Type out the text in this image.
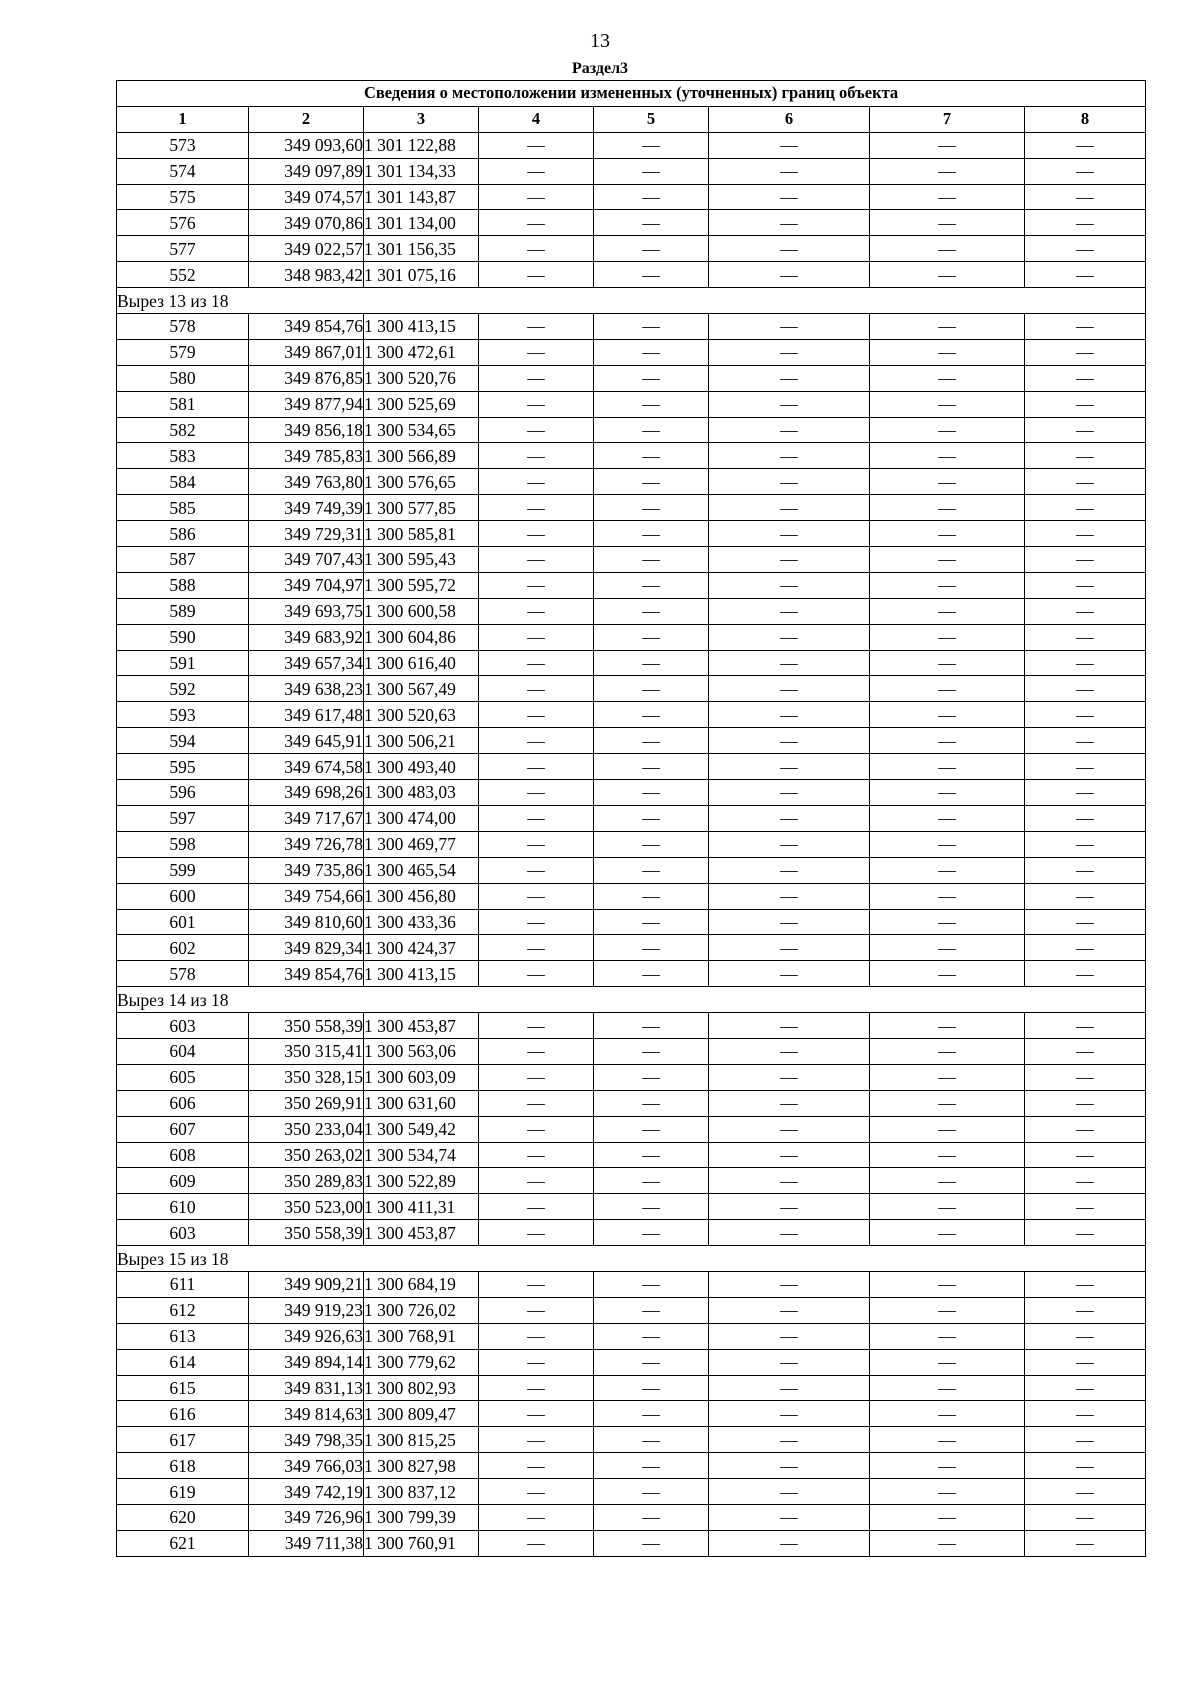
13
Раздел3
Сведения о местоположении измененных (уточненных) границ объекта							
1	2	3	4	5	6	7	8
573	349 093,60	1 301 122,88	—	—	—	—	—
574	349 097,89	1 301 134,33	—	—	—	—	—
575	349 074,57	1 301 143,87	—	—	—	—	—
576	349 070,86	1 301 134,00	—	—	—	—	—
577	349 022,57	1 301 156,35	—	—	—	—	—
552	348 983,42	1 301 075,16	—	—	—	—	—
Вырез 13 из 18							
578	349 854,76	1 300 413,15	—	—	—	—	—
579	349 867,01	1 300 472,61	—	—	—	—	—
580	349 876,85	1 300 520,76	—	—	—	—	—
581	349 877,94	1 300 525,69	—	—	—	—	—
582	349 856,18	1 300 534,65	—	—	—	—	—
583	349 785,83	1 300 566,89	—	—	—	—	—
584	349 763,80	1 300 576,65	—	—	—	—	—
585	349 749,39	1 300 577,85	—	—	—	—	—
586	349 729,31	1 300 585,81	—	—	—	—	—
587	349 707,43	1 300 595,43	—	—	—	—	—
588	349 704,97	1 300 595,72	—	—	—	—	—
589	349 693,75	1 300 600,58	—	—	—	—	—
590	349 683,92	1 300 604,86	—	—	—	—	—
591	349 657,34	1 300 616,40	—	—	—	—	—
592	349 638,23	1 300 567,49	—	—	—	—	—
593	349 617,48	1 300 520,63	—	—	—	—	—
594	349 645,91	1 300 506,21	—	—	—	—	—
595	349 674,58	1 300 493,40	—	—	—	—	—
596	349 698,26	1 300 483,03	—	—	—	—	—
597	349 717,67	1 300 474,00	—	—	—	—	—
598	349 726,78	1 300 469,77	—	—	—	—	—
599	349 735,86	1 300 465,54	—	—	—	—	—
600	349 754,66	1 300 456,80	—	—	—	—	—
601	349 810,60	1 300 433,36	—	—	—	—	—
602	349 829,34	1 300 424,37	—	—	—	—	—
578	349 854,76	1 300 413,15	—	—	—	—	—
Вырез 14 из 18							
603	350 558,39	1 300 453,87	—	—	—	—	—
604	350 315,41	1 300 563,06	—	—	—	—	—
605	350 328,15	1 300 603,09	—	—	—	—	—
606	350 269,91	1 300 631,60	—	—	—	—	—
607	350 233,04	1 300 549,42	—	—	—	—	—
608	350 263,02	1 300 534,74	—	—	—	—	—
609	350 289,83	1 300 522,89	—	—	—	—	—
610	350 523,00	1 300 411,31	—	—	—	—	—
603	350 558,39	1 300 453,87	—	—	—	—	—
Вырез 15 из 18							
611	349 909,21	1 300 684,19	—	—	—	—	—
612	349 919,23	1 300 726,02	—	—	—	—	—
613	349 926,63	1 300 768,91	—	—	—	—	—
614	349 894,14	1 300 779,62	—	—	—	—	—
615	349 831,13	1 300 802,93	—	—	—	—	—
616	349 814,63	1 300 809,47	—	—	—	—	—
617	349 798,35	1 300 815,25	—	—	—	—	—
618	349 766,03	1 300 827,98	—	—	—	—	—
619	349 742,19	1 300 837,12	—	—	—	—	—
620	349 726,96	1 300 799,39	—	—	—	—	—
621	349 711,38	1 300 760,91	—	—	—	—	—
